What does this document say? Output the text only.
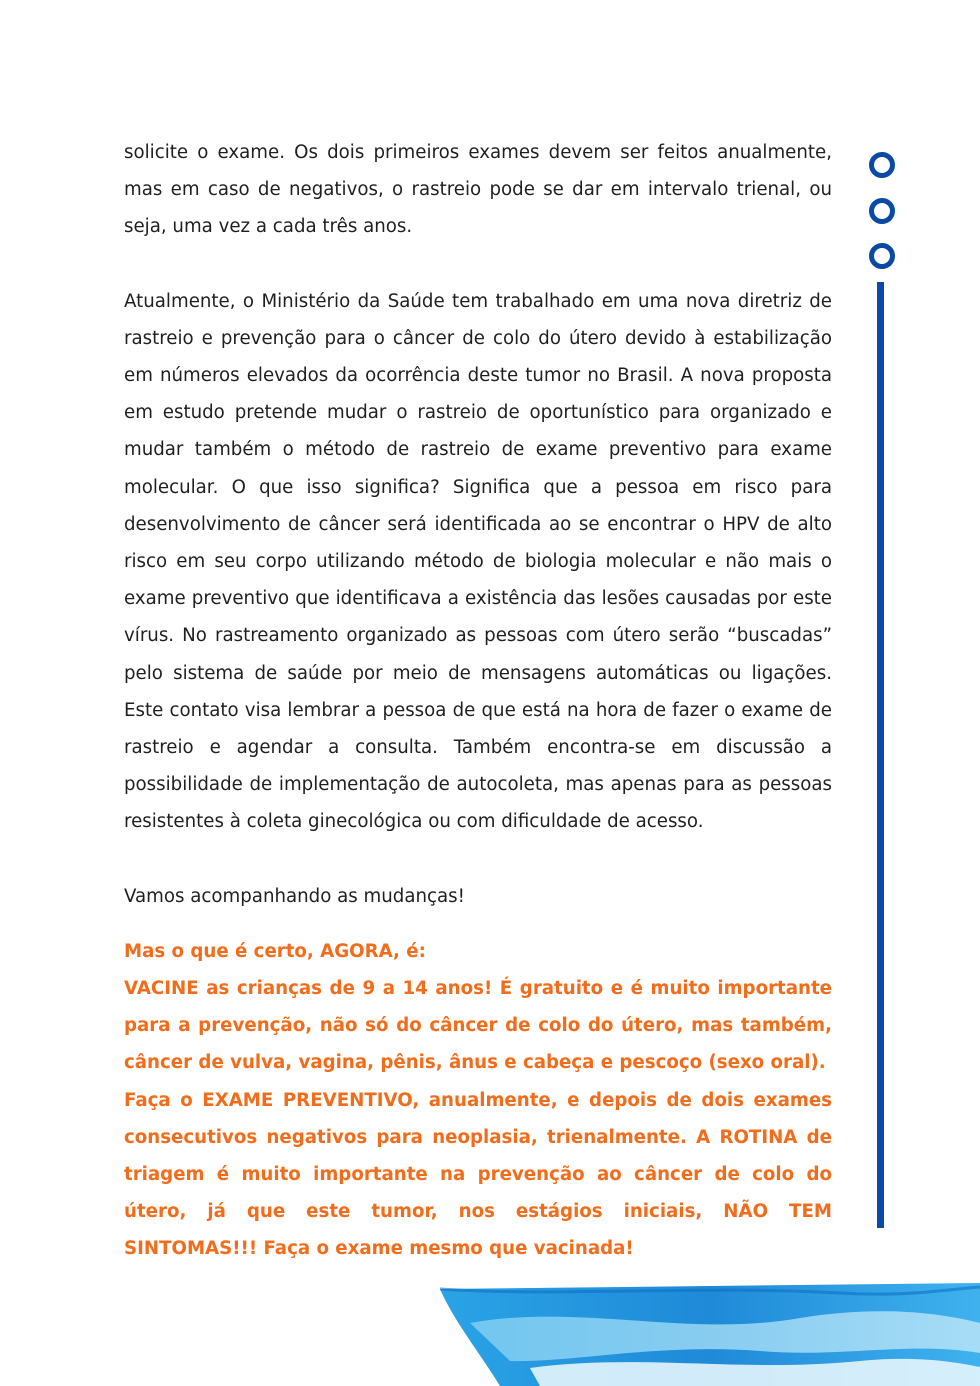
solicite o exame. Os dois primeiros exames devem ser feitos anualmente, mas em caso de negativos, o rastreio pode se dar em intervalo trienal, ou seja, uma vez a cada três anos.

Atualmente, o Ministério da Saúde tem trabalhado em uma nova diretriz de rastreio e prevenção para o câncer de colo do útero devido à estabilização em números elevados da ocorrência deste tumor no Brasil. A nova proposta em estudo pretende mudar o rastreio de oportunístico para organizado e mudar também o método de rastreio de exame preventivo para exame molecular. O que isso significa? Significa que a pessoa em risco para desenvolvimento de câncer será identificada ao se encontrar o HPV de alto risco em seu corpo utilizando método de biologia molecular e não mais o exame preventivo que identificava a existência das lesões causadas por este vírus. No rastreamento organizado as pessoas com útero serão “buscadas” pelo sistema de saúde por meio de mensagens automáticas ou ligações. Este contato visa lembrar a pessoa de que está na hora de fazer o exame de rastreio e agendar a consulta. Também encontra-se em discussão a possibilidade de implementação de autocoleta, mas apenas para as pessoas resistentes à coleta ginecológica ou com dificuldade de acesso.

Vamos acompanhando as mudanças!

Mas o que é certo, AGORA, é:

VACINE as crianças de 9 a 14 anos! É gratuito e é muito importante para a prevenção, não só do câncer de colo do útero, mas também, câncer de vulva, vagina, pênis, ânus e cabeça e pescoço (sexo oral).

Faça o EXAME PREVENTIVO, anualmente, e depois de dois exames consecutivos negativos para neoplasia, trienalmente. A ROTINA de triagem é muito importante na prevenção ao câncer de colo do útero, já que este tumor, nos estágios iniciais, NÃO TEM SINTOMAS!!! Faça o exame mesmo que vacinada!
